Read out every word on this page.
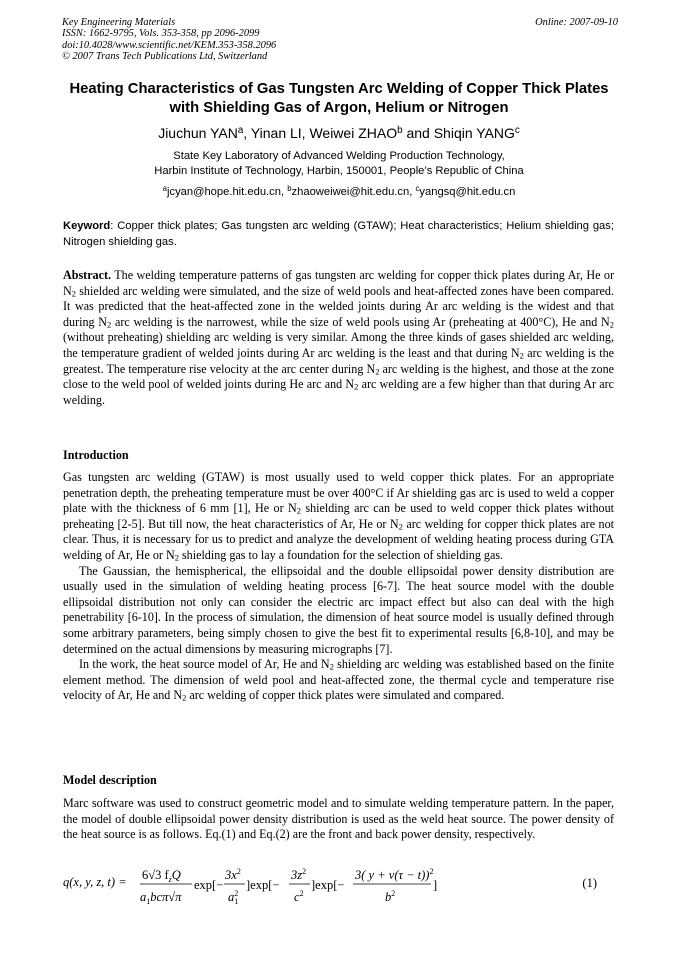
Key Engineering Materials
ISSN: 1662-9795, Vols. 353-358, pp 2096-2099
doi:10.4028/www.scientific.net/KEM.353-358.2096
© 2007 Trans Tech Publications Ltd, Switzerland
Online: 2007-09-10
Heating Characteristics of Gas Tungsten Arc Welding of Copper Thick Plates with Shielding Gas of Argon, Helium or Nitrogen
Jiuchun YAN$^a$, Yinan LI, Weiwei ZHAO$^b$ and Shiqin YANG$^c$
State Key Laboratory of Advanced Welding Production Technology,
Harbin Institute of Technology, Harbin, 150001, People’s Republic of China
$^a$jcyan@hope.hit.edu.cn, $^b$zhaoweiwei@hit.edu.cn, $^c$yangsq@hit.edu.cn
Keyword: Copper thick plates; Gas tungsten arc welding (GTAW); Heat characteristics; Helium shielding gas; Nitrogen shielding gas.
Abstract. The welding temperature patterns of gas tungsten arc welding for copper thick plates during Ar, He or $N_2$ shielded arc welding were simulated, and the size of weld pools and heat-affected zones have been compared. It was predicted that the heat-affected zone in the welded joints during Ar arc welding is the widest and that during $N_2$ arc welding is the narrowest, while the size of weld pools using Ar (preheating at 400°C), He and $N_2$ (without preheating) shielding arc welding is very similar. Among the three kinds of gases shielded arc welding, the temperature gradient of welded joints during Ar arc welding is the least and that during $N_2$ arc welding is the greatest. The temperature rise velocity at the arc center during $N_2$ arc welding is the highest, and those at the zone close to the weld pool of welded joints during He arc and $N_2$ arc welding are a few higher than that during Ar arc welding.
Introduction

Gas tungsten arc welding (GTAW) is most usually used to weld copper thick plates. For an appropriate penetration depth, the preheating temperature must be over 400°C if Ar shielding gas arc is used to weld a copper plate with the thickness of 6 mm [1], He or $N_2$ shielding arc can be used to weld copper thick plates without preheating [2-5]. But till now, the heat characteristics of Ar, He or $N_2$ arc welding for copper thick plates are not clear. Thus, it is necessary for us to predict and analyze the development of welding heating process during GTA welding of Ar, He or $N_2$ shielding gas to lay a foundation for the selection of shielding gas.

The Gaussian, the hemispherical, the ellipsoidal and the double ellipsoidal power density distribution are usually used in the simulation of welding heating process [6-7]. The heat source model with the double ellipsoidal distribution not only can consider the electric arc impact effect but also can deal with the high penetrability [6-10]. In the process of simulation, the dimension of heat source model is usually defined through some arbitrary parameters, being simply chosen to give the best fit to experimental results [6,8-10], and may be determined on the actual dimensions by measuring micrographs [7].

In the work, the heat source model of Ar, He and $N_2$ shielding arc welding was established based on the finite element method. The dimension of weld pool and heat-affected zone, the thermal cycle and temperature rise velocity of Ar, He and $N_2$ arc welding of copper thick plates were simulated and compared.

Model description

Marc software was used to construct geometric model and to simulate welding temperature pattern. In the paper, the model of double ellipsoidal power density distribution is used as the weld heat source. The power density of the heat source is as follows. Eq.(1) and Eq.(2) are the front and back power density, respectively.

q(x, y, z, t) = 6√3 $f_zQ$
$a_1bc\pi√\pi$
exp[−
$3x^2$
$a^2$ 1
]exp[−
$3z^2$
$c^2$
]exp[−
3( y + v(τ − t))$^2$
$b^2$
]	(1)
